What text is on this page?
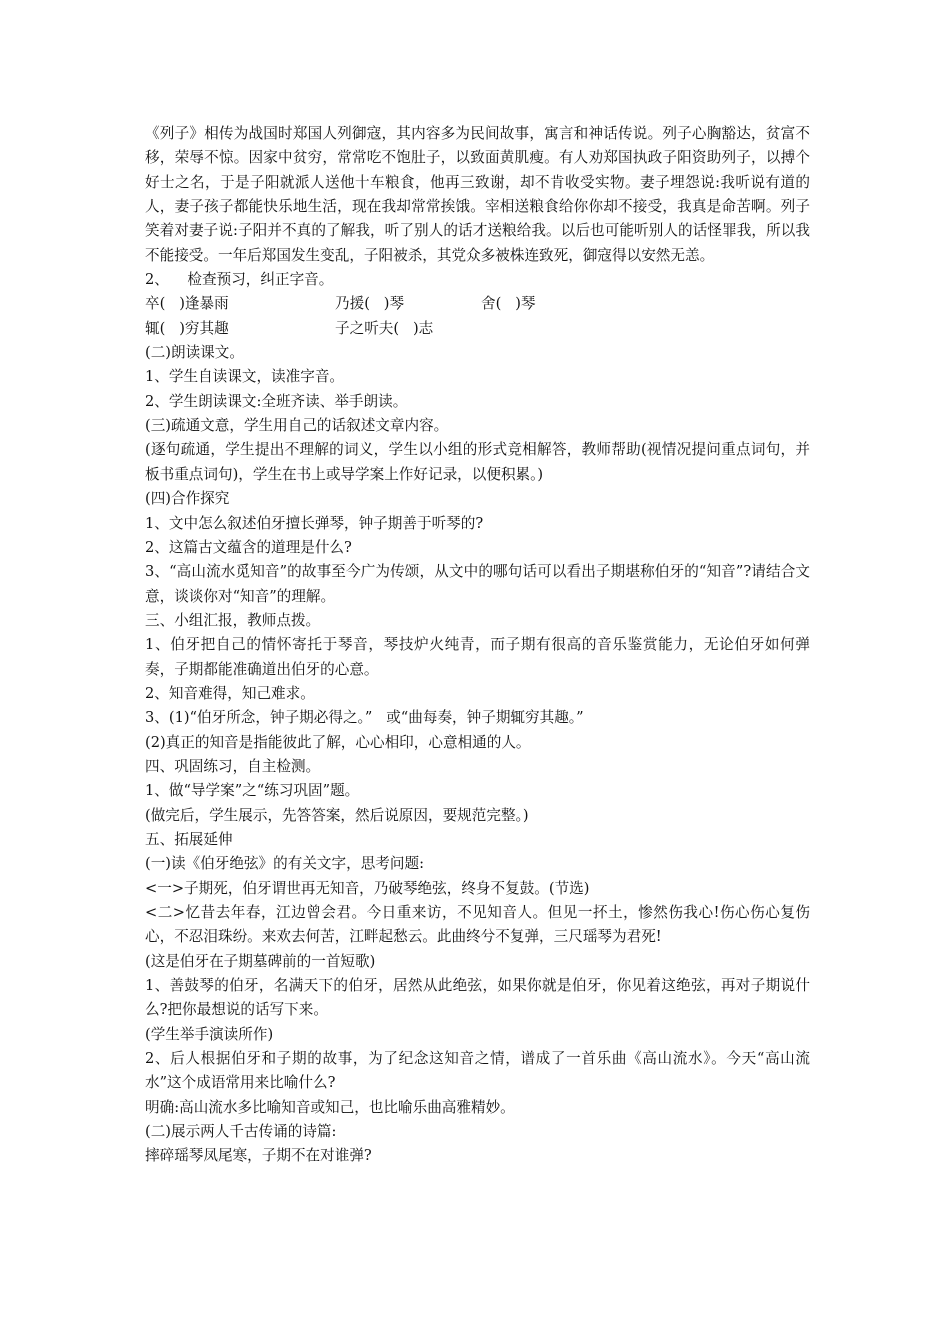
《列子》相传为战国时郑国人列御寇，其内容多为民间故事，寓言和神话传说。列子心胸豁达，贫富不移，荣辱不惊。因家中贫穷，常常吃不饱肚子，以致面黄肌瘦。有人劝郑国执政子阳资助列子，以搏个好士之名，于是子阳就派人送他十车粮食，他再三致谢，却不肯收受实物。妻子埋怨说:我听说有道的人，妻子孩子都能快乐地生活，现在我却常常挨饿。宰相送粮食给你你却不接受，我真是命苦啊。列子笑着对妻子说:子阳并不真的了解我，听了别人的话才送粮给我。以后也可能听别人的话怪罪我，所以我不能接受。一年后郑国发生变乱，子阳被杀，其党众多被株连致死，御寇得以安然无恙。

2、    检查预习，纠正字音。

卒(   )逢暴雨	乃援(   )琴	舍(   )琴
辄(   )穷其趣	子之听夫(   )志

(二)朗读课文。

1、学生自读课文，读准字音。

2、学生朗读课文:全班齐读、举手朗读。

(三)疏通文意，学生用自己的话叙述文章内容。

(逐句疏通，学生提出不理解的词义，学生以小组的形式竞相解答，教师帮助(视情况提问重点词句，并板书重点词句)，学生在书上或导学案上作好记录，以便积累。)

(四)合作探究

1、文中怎么叙述伯牙擅长弹琴，钟子期善于听琴的?

2、这篇古文蕴含的道理是什么?

3、“高山流水觅知音”的故事至今广为传颂，从文中的哪句话可以看出子期堪称伯牙的“知音”?请结合文意，谈谈你对“知音”的理解。

三、小组汇报，教师点拨。

1、伯牙把自己的情怀寄托于琴音，琴技炉火纯青，而子期有很高的音乐鉴赏能力，无论伯牙如何弹奏，子期都能准确道出伯牙的心意。

2、知音难得，知己难求。

3、(1)“伯牙所念，钟子期必得之。”   或“曲每奏，钟子期辄穷其趣。”

(2)真正的知音是指能彼此了解，心心相印，心意相通的人。

四、巩固练习，自主检测。

1、做“导学案”之“练习巩固”题。

(做完后，学生展示，先答答案，然后说原因，要规范完整。)

五、拓展延伸

(一)读《伯牙绝弦》的有关文字，思考问题:

<一>子期死，伯牙谓世再无知音，乃破琴绝弦，终身不复鼓。(节选)

<二>忆昔去年春，江边曾会君。今日重来访，不见知音人。但见一抔土，惨然伤我心!伤心伤心复伤心，不忍泪珠纷。来欢去何苦，江畔起愁云。此曲终兮不复弹，三尺瑶琴为君死!

(这是伯牙在子期墓碑前的一首短歌)

1、善鼓琴的伯牙，名满天下的伯牙，居然从此绝弦，如果你就是伯牙，你见着这绝弦，再对子期说什么?把你最想说的话写下来。

(学生举手演读所作)

2、后人根据伯牙和子期的故事，为了纪念这知音之情，谱成了一首乐曲《高山流水》。今天“高山流水”这个成语常用来比喻什么?

明确:高山流水多比喻知音或知己，也比喻乐曲高雅精妙。

(二)展示两人千古传诵的诗篇:

摔碎瑶琴凤尾寒，子期不在对谁弹?
